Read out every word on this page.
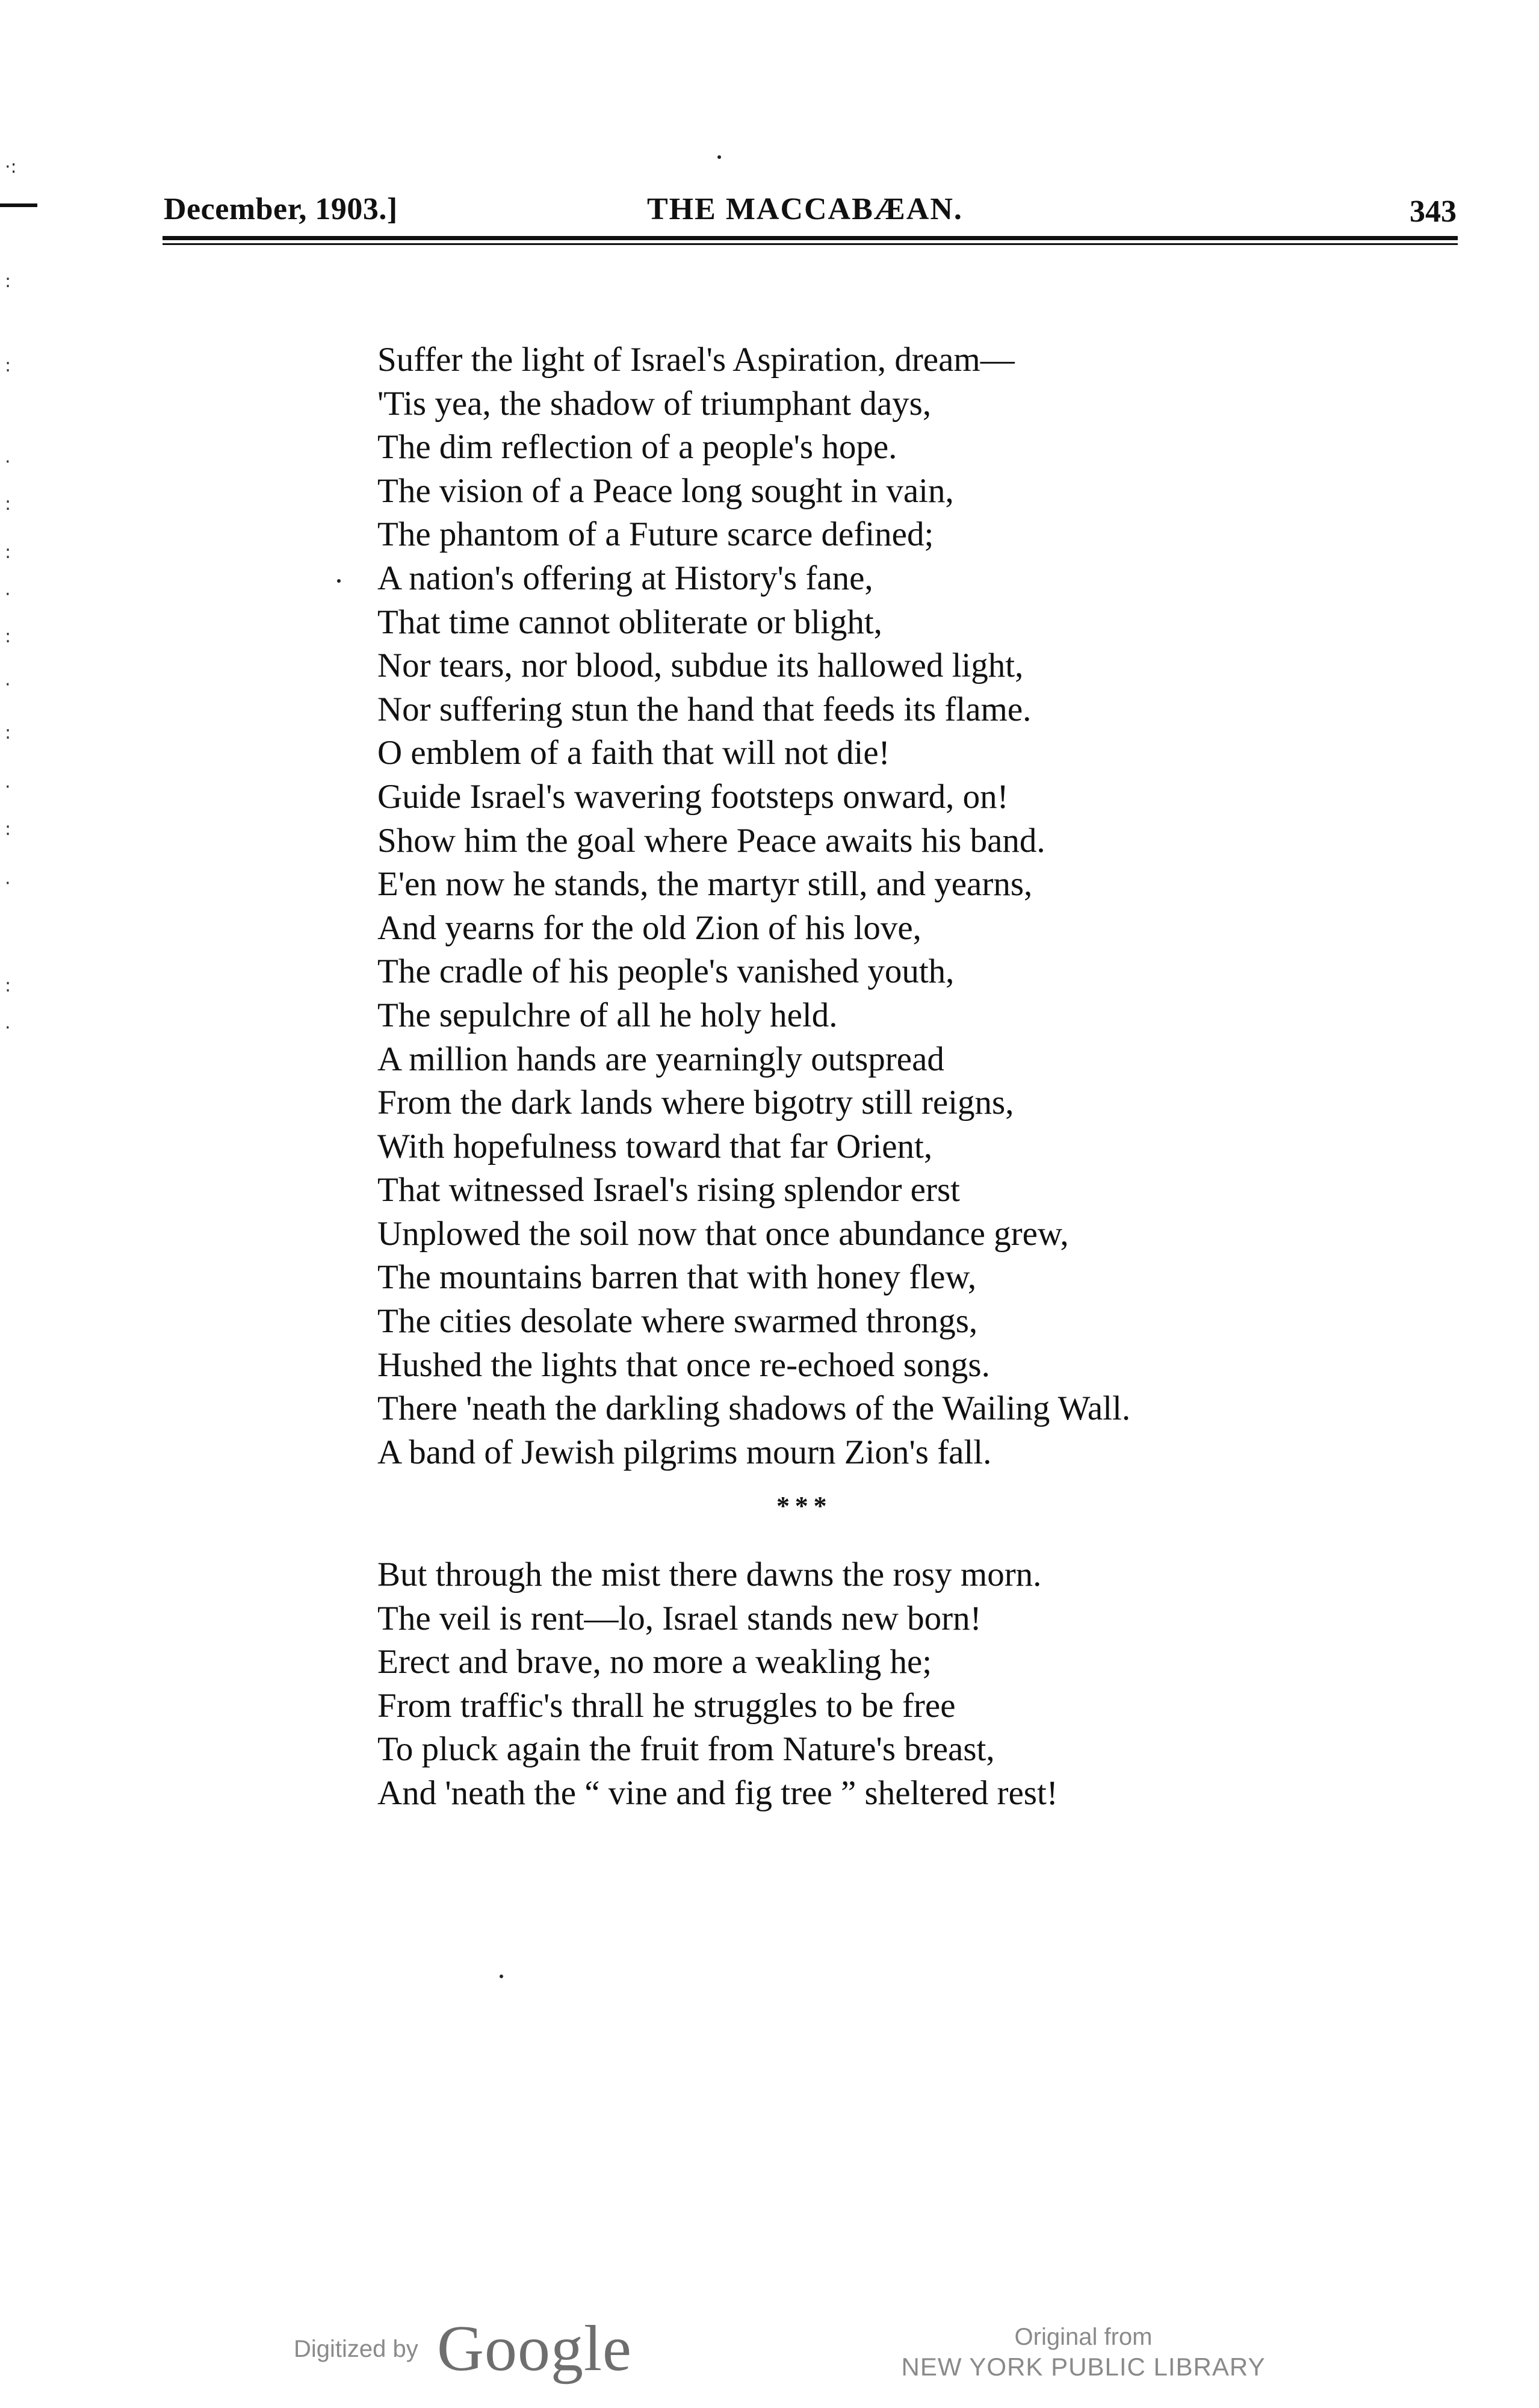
·:
:
:
·
:
:
·
:
·
:
·
:
·
:
·
December, 1903.]	THE MACCABÆAN.	343
Suffer the light of Israel's Aspiration, dream—
'Tis yea, the shadow of triumphant days,
The dim reflection of a people's hope.
The vision of a Peace long sought in vain,
The phantom of a Future scarce defined;
A nation's offering at History's fane,
That time cannot obliterate or blight,
Nor tears, nor blood, subdue its hallowed light,
Nor suffering stun the hand that feeds its flame.
O emblem of a faith that will not die!
Guide Israel's wavering footsteps onward, on!
Show him the goal where Peace awaits his band.
E'en now he stands, the martyr still, and yearns,
And yearns for the old Zion of his love,
The cradle of his people's vanished youth,
The sepulchre of all he holy held.
A million hands are yearningly outspread
From the dark lands where bigotry still reigns,
With hopefulness toward that far Orient,
That witnessed Israel's rising splendor erst
Unplowed the soil now that once abundance grew,
The mountains barren that with honey flew,
The cities desolate where swarmed throngs,
Hushed the lights that once re-echoed songs.
There 'neath the darkling shadows of the Wailing Wall.
A band of Jewish pilgrims mourn Zion's fall.
* * *
But through the mist there dawns the rosy morn.
The veil is rent—lo, Israel stands new born!
Erect and brave, no more a weakling he;
From traffic's thrall he struggles to be free
To pluck again the fruit from Nature's breast,
And 'neath the “ vine and fig tree ” sheltered rest!
Digitized by Google	Original from
NEW YORK PUBLIC LIBRARY
